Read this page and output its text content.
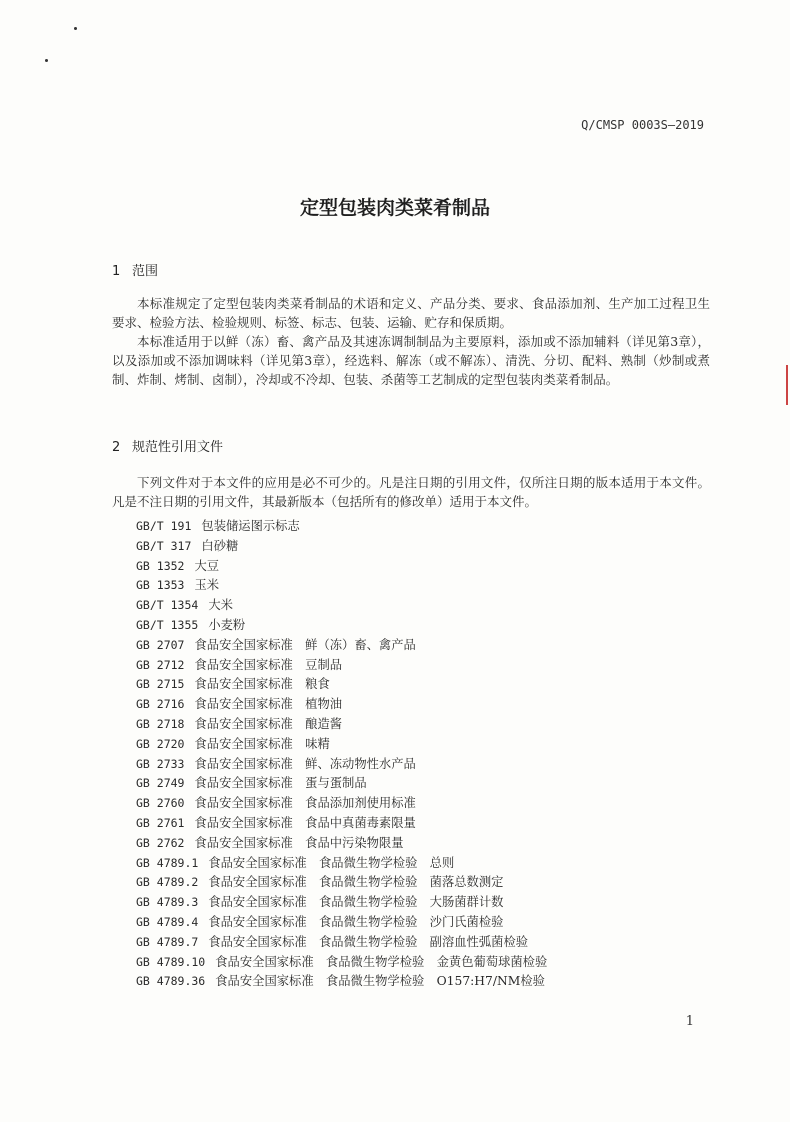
Q/CMSP 0003S—2019
定型包装肉类菜肴制品
1 范围

本标准规定了定型包装肉类菜肴制品的术语和定义、产品分类、要求、食品添加剂、生产加工过程卫生要求、检验方法、检验规则、标签、标志、包装、运输、贮存和保质期。

本标准适用于以鲜（冻）畜、禽产品及其速冻调制制品为主要原料，添加或不添加辅料（详见第3章），以及添加或不添加调味料（详见第3章），经选料、解冻（或不解冻）、清洗、分切、配料、熟制（炒制或煮制、炸制、烤制、卤制），冷却或不冷却、包装、杀菌等工艺制成的定型包装肉类菜肴制品。

2 规范性引用文件

下列文件对于本文件的应用是必不可少的。凡是注日期的引用文件，仅所注日期的版本适用于本文件。凡是不注日期的引用文件，其最新版本（包括所有的修改单）适用于本文件。

GB/T 191 包装储运图示标志
GB/T 317 白砂糖
GB 1352 大豆
GB 1353 玉米
GB/T 1354 大米
GB/T 1355 小麦粉
GB 2707 食品安全国家标准　鲜（冻）畜、禽产品
GB 2712 食品安全国家标准　豆制品
GB 2715 食品安全国家标准　粮食
GB 2716 食品安全国家标准　植物油
GB 2718 食品安全国家标准　酿造酱
GB 2720 食品安全国家标准　味精
GB 2733 食品安全国家标准　鲜、冻动物性水产品
GB 2749 食品安全国家标准　蛋与蛋制品
GB 2760 食品安全国家标准　食品添加剂使用标准
GB 2761 食品安全国家标准　食品中真菌毒素限量
GB 2762 食品安全国家标准　食品中污染物限量
GB 4789.1 食品安全国家标准　食品微生物学检验　总则
GB 4789.2 食品安全国家标准　食品微生物学检验　菌落总数测定
GB 4789.3 食品安全国家标准　食品微生物学检验　大肠菌群计数
GB 4789.4 食品安全国家标准　食品微生物学检验　沙门氏菌检验
GB 4789.7 食品安全国家标准　食品微生物学检验　副溶血性弧菌检验
GB 4789.10 食品安全国家标准　食品微生物学检验　金黄色葡萄球菌检验
GB 4789.36 食品安全国家标准　食品微生物学检验　O157:H7/NM检验
1
